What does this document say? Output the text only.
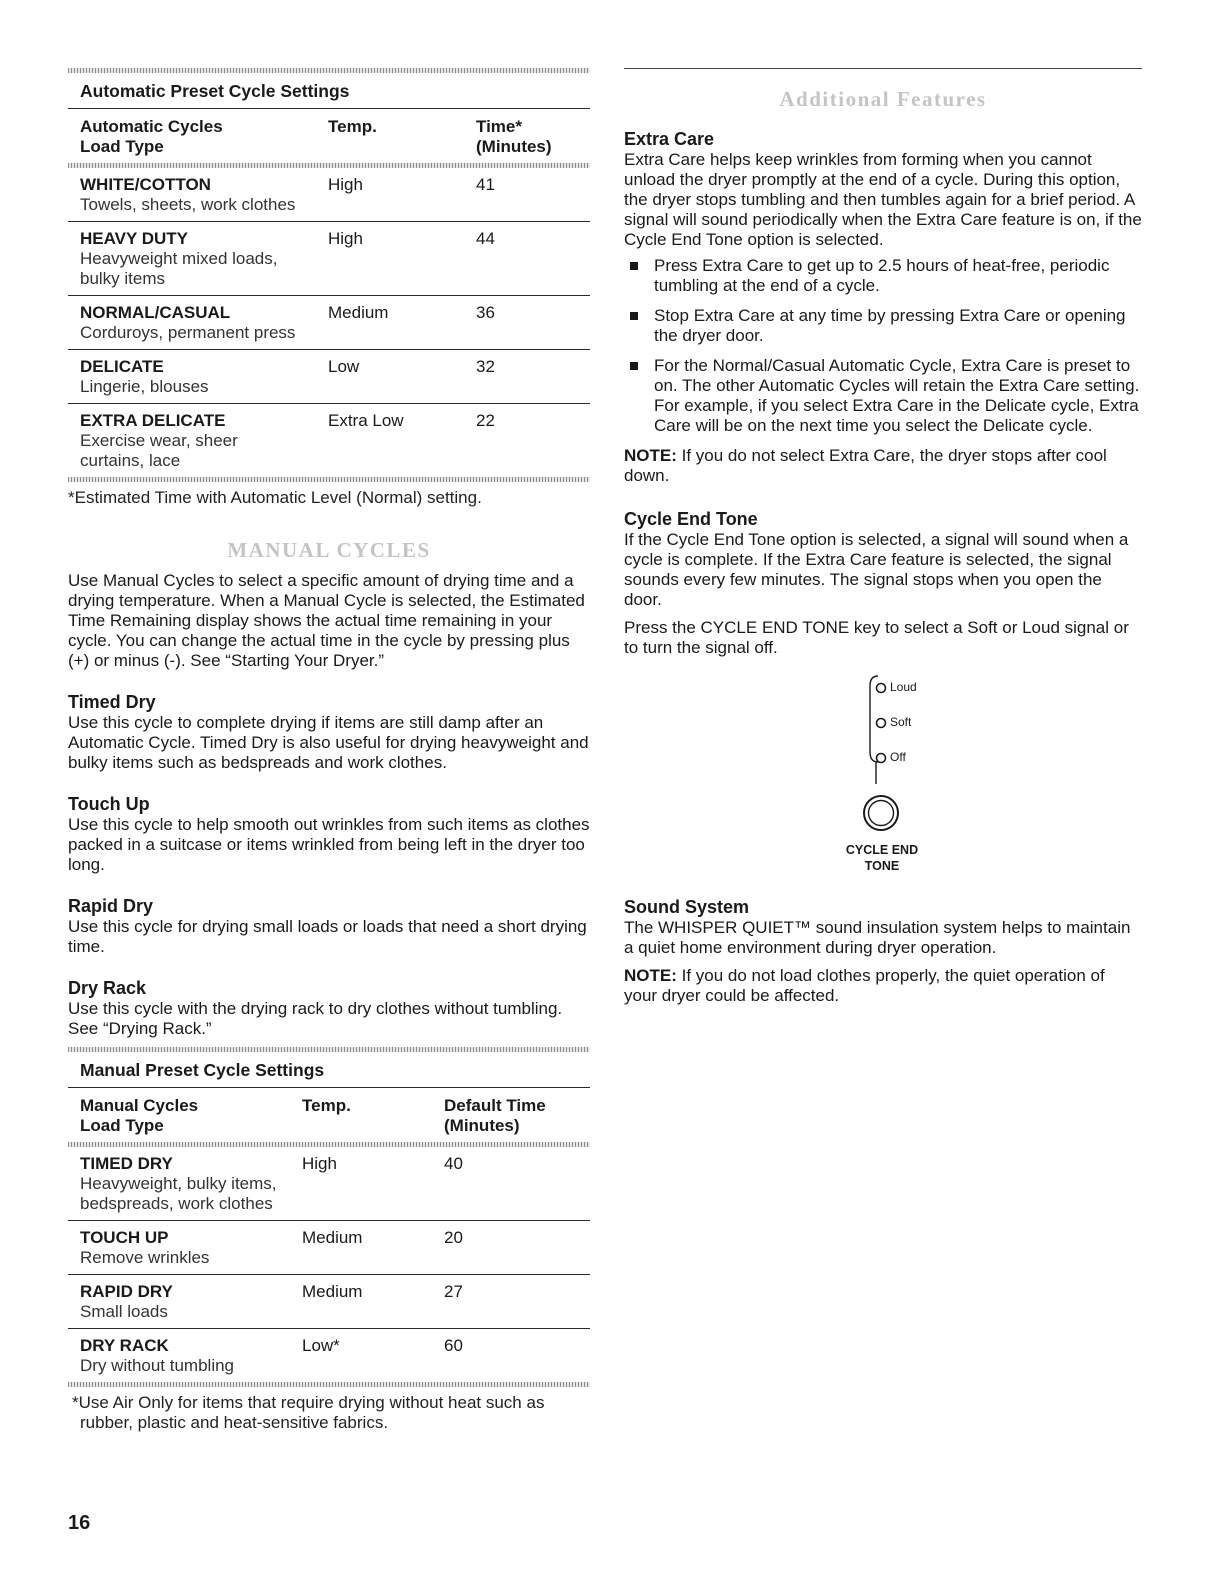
Automatic Preset Cycle Settings
Automatic Cycles
Load Type
Temp.	Time*
(Minutes)
WHITE/COTTON	High	41
Towels, sheets, work clothes
HEAVY DUTY	High	44
Heavyweight mixed loads,
bulky items
NORMAL/CASUAL	Medium	36
Corduroys, permanent press
DELICATE	Low	32
Lingerie, blouses
EXTRA DELICATE	Extra Low	22
Exercise wear, sheer
curtains, lace
*Estimated Time with Automatic Level (Normal) setting.
MANUAL CYCLES

Use Manual Cycles to select a specific amount of drying time and a drying temperature. When a Manual Cycle is selected, the Estimated Time Remaining display shows the actual time remaining in your cycle. You can change the actual time in the cycle by pressing plus (+) or minus (-). See “Starting Your Dryer.”

Timed Dry

Use this cycle to complete drying if items are still damp after an Automatic Cycle. Timed Dry is also useful for drying heavyweight and bulky items such as bedspreads and work clothes.

Touch Up

Use this cycle to help smooth out wrinkles from such items as clothes packed in a suitcase or items wrinkled from being left in the dryer too long.

Rapid Dry

Use this cycle for drying small loads or loads that need a short drying time.

Dry Rack

Use this cycle with the drying rack to dry clothes without tumbling. See “Drying Rack.”

Manual Preset Cycle Settings
Manual Cycles
Load Type
Temp.	Default Time
(Minutes)
TIMED DRY	High	40
Heavyweight, bulky items,
bedspreads, work clothes
TOUCH UP	Medium	20
Remove wrinkles
RAPID DRY	Medium	27
Small loads
DRY RACK	Low*	60
Dry without tumbling
*Use Air Only for items that require drying without heat such as rubber, plastic and heat-sensitive fabrics.
Additional Features
Extra Care

Extra Care helps keep wrinkles from forming when you cannot unload the dryer promptly at the end of a cycle. During this option, the dryer stops tumbling and then tumbles again for a brief period. A signal will sound periodically when the Extra Care feature is on, if the Cycle End Tone option is selected.

Press Extra Care to get up to 2.5 hours of heat-free, periodic tumbling at the end of a cycle.
Stop Extra Care at any time by pressing Extra Care or opening the dryer door.
For the Normal/Casual Automatic Cycle, Extra Care is preset to on. The other Automatic Cycles will retain the Extra Care setting. For example, if you select Extra Care in the Delicate cycle, Extra Care will be on the next time you select the Delicate cycle.

NOTE: If you do not select Extra Care, the dryer stops after cool down.

Cycle End Tone

If the Cycle End Tone option is selected, a signal will sound when a cycle is complete. If the Extra Care feature is selected, the signal sounds every few minutes. The signal stops when you open the door.

Press the CYCLE END TONE key to select a Soft or Loud signal or to turn the signal off.

Loud
Soft
Off
CYCLE END
TONE
Sound System

The WHISPER QUIET™ sound insulation system helps to maintain a quiet home environment during dryer operation.

NOTE: If you do not load clothes properly, the quiet operation of your dryer could be affected.

16
